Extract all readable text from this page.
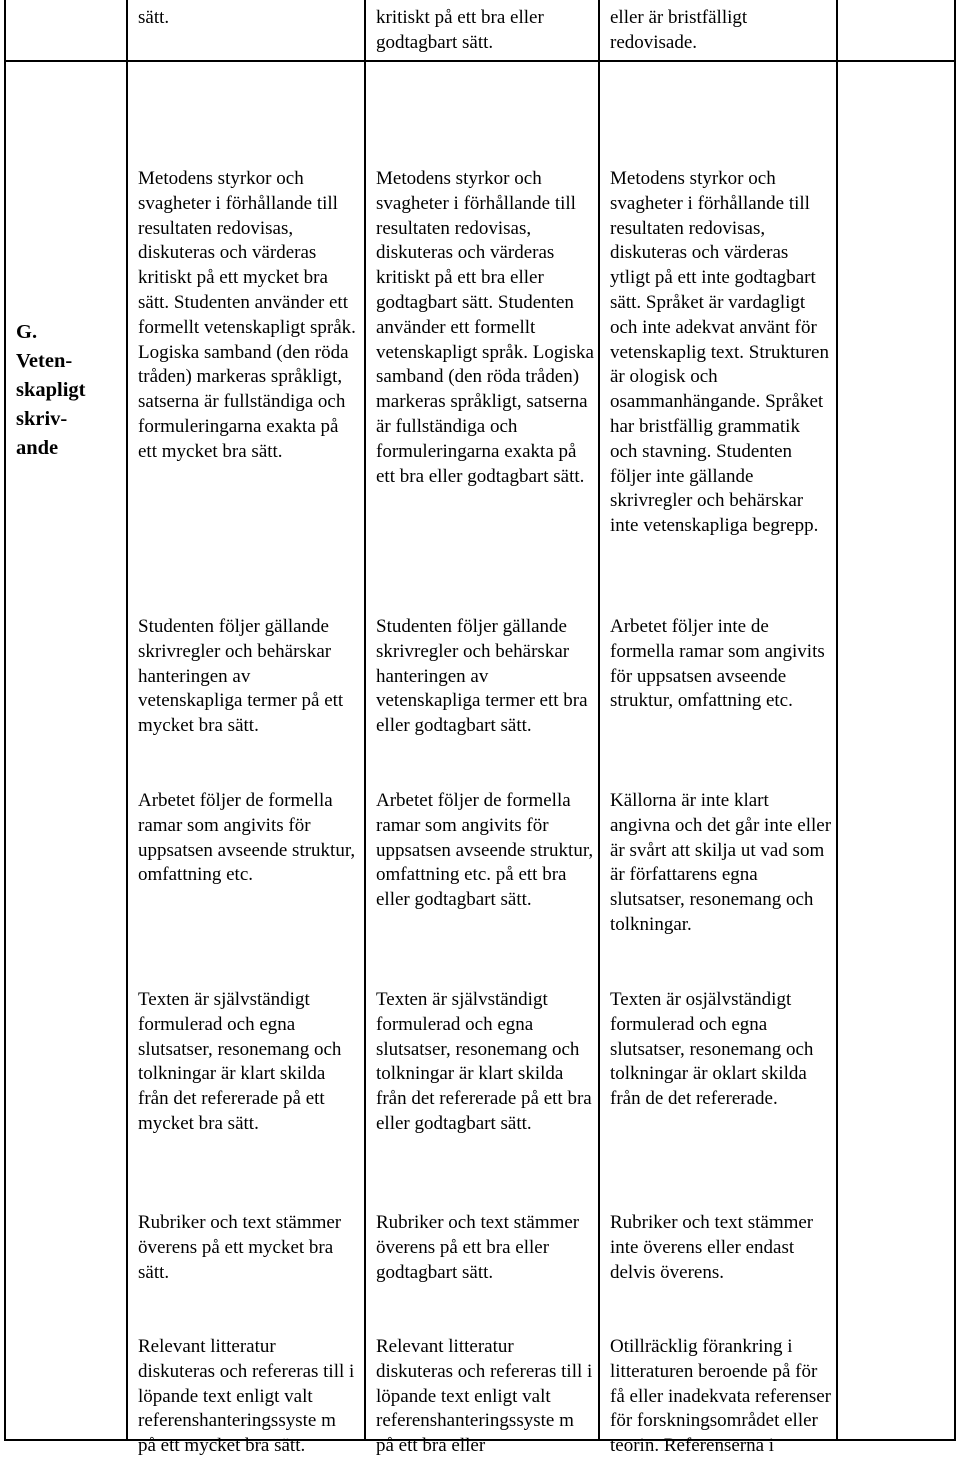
sätt.	kritiskt på ett bra eller godtagbart sätt.
eller är bristfälligt redovisade.
G.
Veten-
skapligt
skriv-
ande
Metodens styrkor och svagheter i förhållande till resultaten redovisas, diskuteras och värderas kritiskt på ett mycket bra sätt. Studenten använder ett formellt vetenskapligt språk. Logiska samband (den röda tråden) markeras språkligt, satserna är fullständiga och formuleringarna exakta på ett mycket bra sätt.
Studenten följer gällande skrivregler och behärskar hanteringen av vetenskapliga termer på ett mycket bra sätt.
Arbetet följer de formella ramar som angivits för uppsatsen avseende struktur, omfattning etc.
Texten är självständigt formulerad och egna slutsatser, resonemang och tolkningar är klart skilda från det refererade på ett mycket bra sätt.
Rubriker och text stämmer överens på ett mycket bra sätt.
Relevant litteratur diskuteras och refereras till i löpande text enligt valt referenshanteringssyste m på ett mycket bra sätt.
Metodens styrkor och svagheter i förhållande till resultaten redovisas, diskuteras och värderas kritiskt på ett bra eller godtagbart sätt. Studenten använder ett formellt vetenskapligt språk. Logiska samband (den röda tråden) markeras språkligt, satserna är fullständiga och formuleringarna exakta på ett bra eller godtagbart sätt.
Studenten följer gällande skrivregler och behärskar hanteringen av vetenskapliga termer ett bra eller godtagbart sätt.
Arbetet följer de formella ramar som angivits för uppsatsen avseende struktur, omfattning etc. på ett bra eller godtagbart sätt.
Texten är självständigt formulerad och egna slutsatser, resonemang och tolkningar är klart skilda från det refererade på ett bra eller godtagbart sätt.
Rubriker och text stämmer överens på ett bra eller godtagbart sätt.
Relevant litteratur diskuteras och refereras till i löpande text enligt valt referenshanteringssyste m på ett bra eller
Metodens styrkor och svagheter i förhållande till resultaten redovisas, diskuteras och värderas ytligt på ett inte godtagbart sätt. Språket är vardagligt och inte adekvat använt för vetenskaplig text. Strukturen är ologisk och osammanhängande. Språket har bristfällig grammatik och stavning. Studenten följer inte gällande skrivregler och behärskar inte vetenskapliga begrepp.
Arbetet följer inte de formella ramar som angivits för uppsatsen avseende struktur, omfattning etc.
Källorna är inte klart angivna och det går inte eller är svårt att skilja ut vad som är författarens egna slutsatser, resonemang och tolkningar.
Texten är osjälvständigt formulerad och egna slutsatser, resonemang och tolkningar är oklart skilda från de det refererade.
Rubriker och text stämmer inte överens eller endast delvis överens.
Otillräcklig förankring i litteraturen beroende på för få eller inadekvata referenser för forskningsområdet eller teorin. Referenserna i
